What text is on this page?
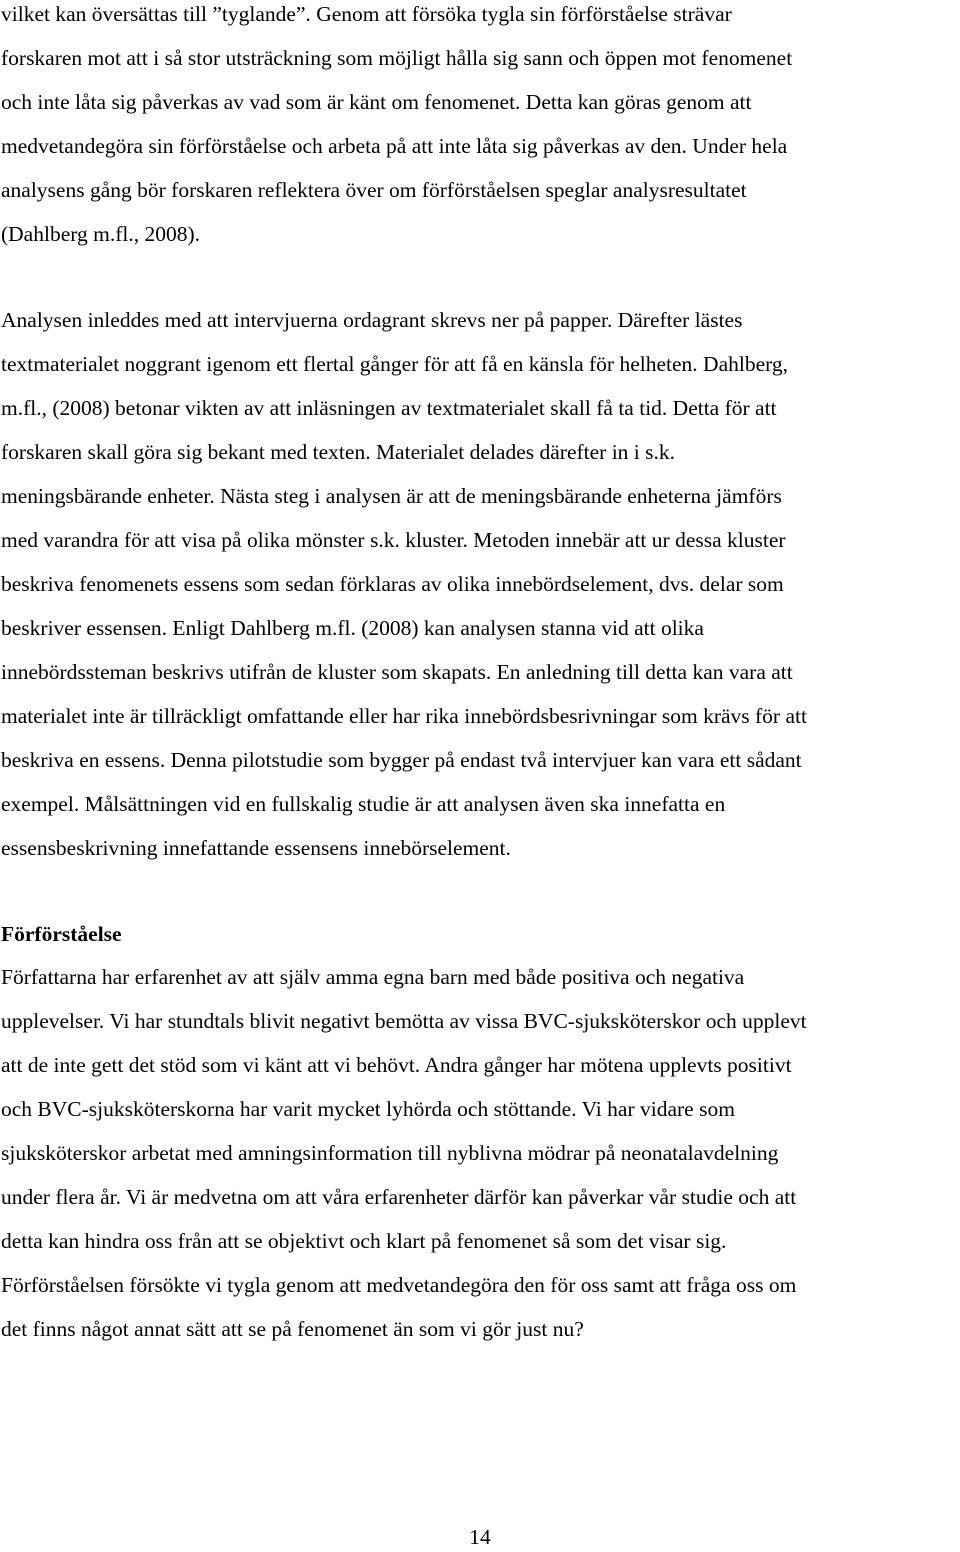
vilket kan översättas till ”tyglande”. Genom att försöka tygla sin förförståelse strävar
forskaren mot att i så stor utsträckning som möjligt hålla sig sann och öppen mot fenomenet
och inte låta sig påverkas av vad som är känt om fenomenet. Detta kan göras genom att
medvetandegöra sin förförståelse och arbeta på att inte låta sig påverkas av den. Under hela
analysens gång bör forskaren reflektera över om förförståelsen speglar analysresultatet
(Dahlberg m.fl., 2008).
Analysen inleddes med att intervjuerna ordagrant skrevs ner på papper. Därefter lästes
textmaterialet noggrant igenom ett flertal gånger för att få en känsla för helheten. Dahlberg,
m.fl., (2008) betonar vikten av att inläsningen av textmaterialet skall få ta tid. Detta för att
forskaren skall göra sig bekant med texten. Materialet delades därefter in i s.k.
meningsbärande enheter. Nästa steg i analysen är att de meningsbärande enheterna jämförs
med varandra för att visa på olika mönster s.k. kluster. Metoden innebär att ur dessa kluster
beskriva fenomenets essens som sedan förklaras av olika innebördselement, dvs. delar som
beskriver essensen. Enligt Dahlberg m.fl. (2008) kan analysen stanna vid att olika
innebördssteman beskrivs utifrån de kluster som skapats. En anledning till detta kan vara att
materialet inte är tillräckligt omfattande eller har rika innebördsbesrivningar som krävs för att
beskriva en essens. Denna pilotstudie som bygger på endast två intervjuer kan vara ett sådant
exempel. Målsättningen vid en fullskalig studie är att analysen även ska innefatta en
essensbeskrivning innefattande essensens innebörselement.
Förförståelse
Författarna har erfarenhet av att själv amma egna barn med både positiva och negativa
upplevelser. Vi har stundtals blivit negativt bemötta av vissa BVC-sjuksköterskor och upplevt
att de inte gett det stöd som vi känt att vi behövt. Andra gånger har mötena upplevts positivt
och BVC-sjuksköterskorna har varit mycket lyhörda och stöttande. Vi har vidare som
sjuksköterskor arbetat med amningsinformation till nyblivna mödrar på neonatalavdelning
under flera år. Vi är medvetna om att våra erfarenheter därför kan påverkar vår studie och att
detta kan hindra oss från att se objektivt och klart på fenomenet så som det visar sig.
Förförståelsen försökte vi tygla genom att medvetandegöra den för oss samt att fråga oss om
det finns något annat sätt att se på fenomenet än som vi gör just nu?

14
